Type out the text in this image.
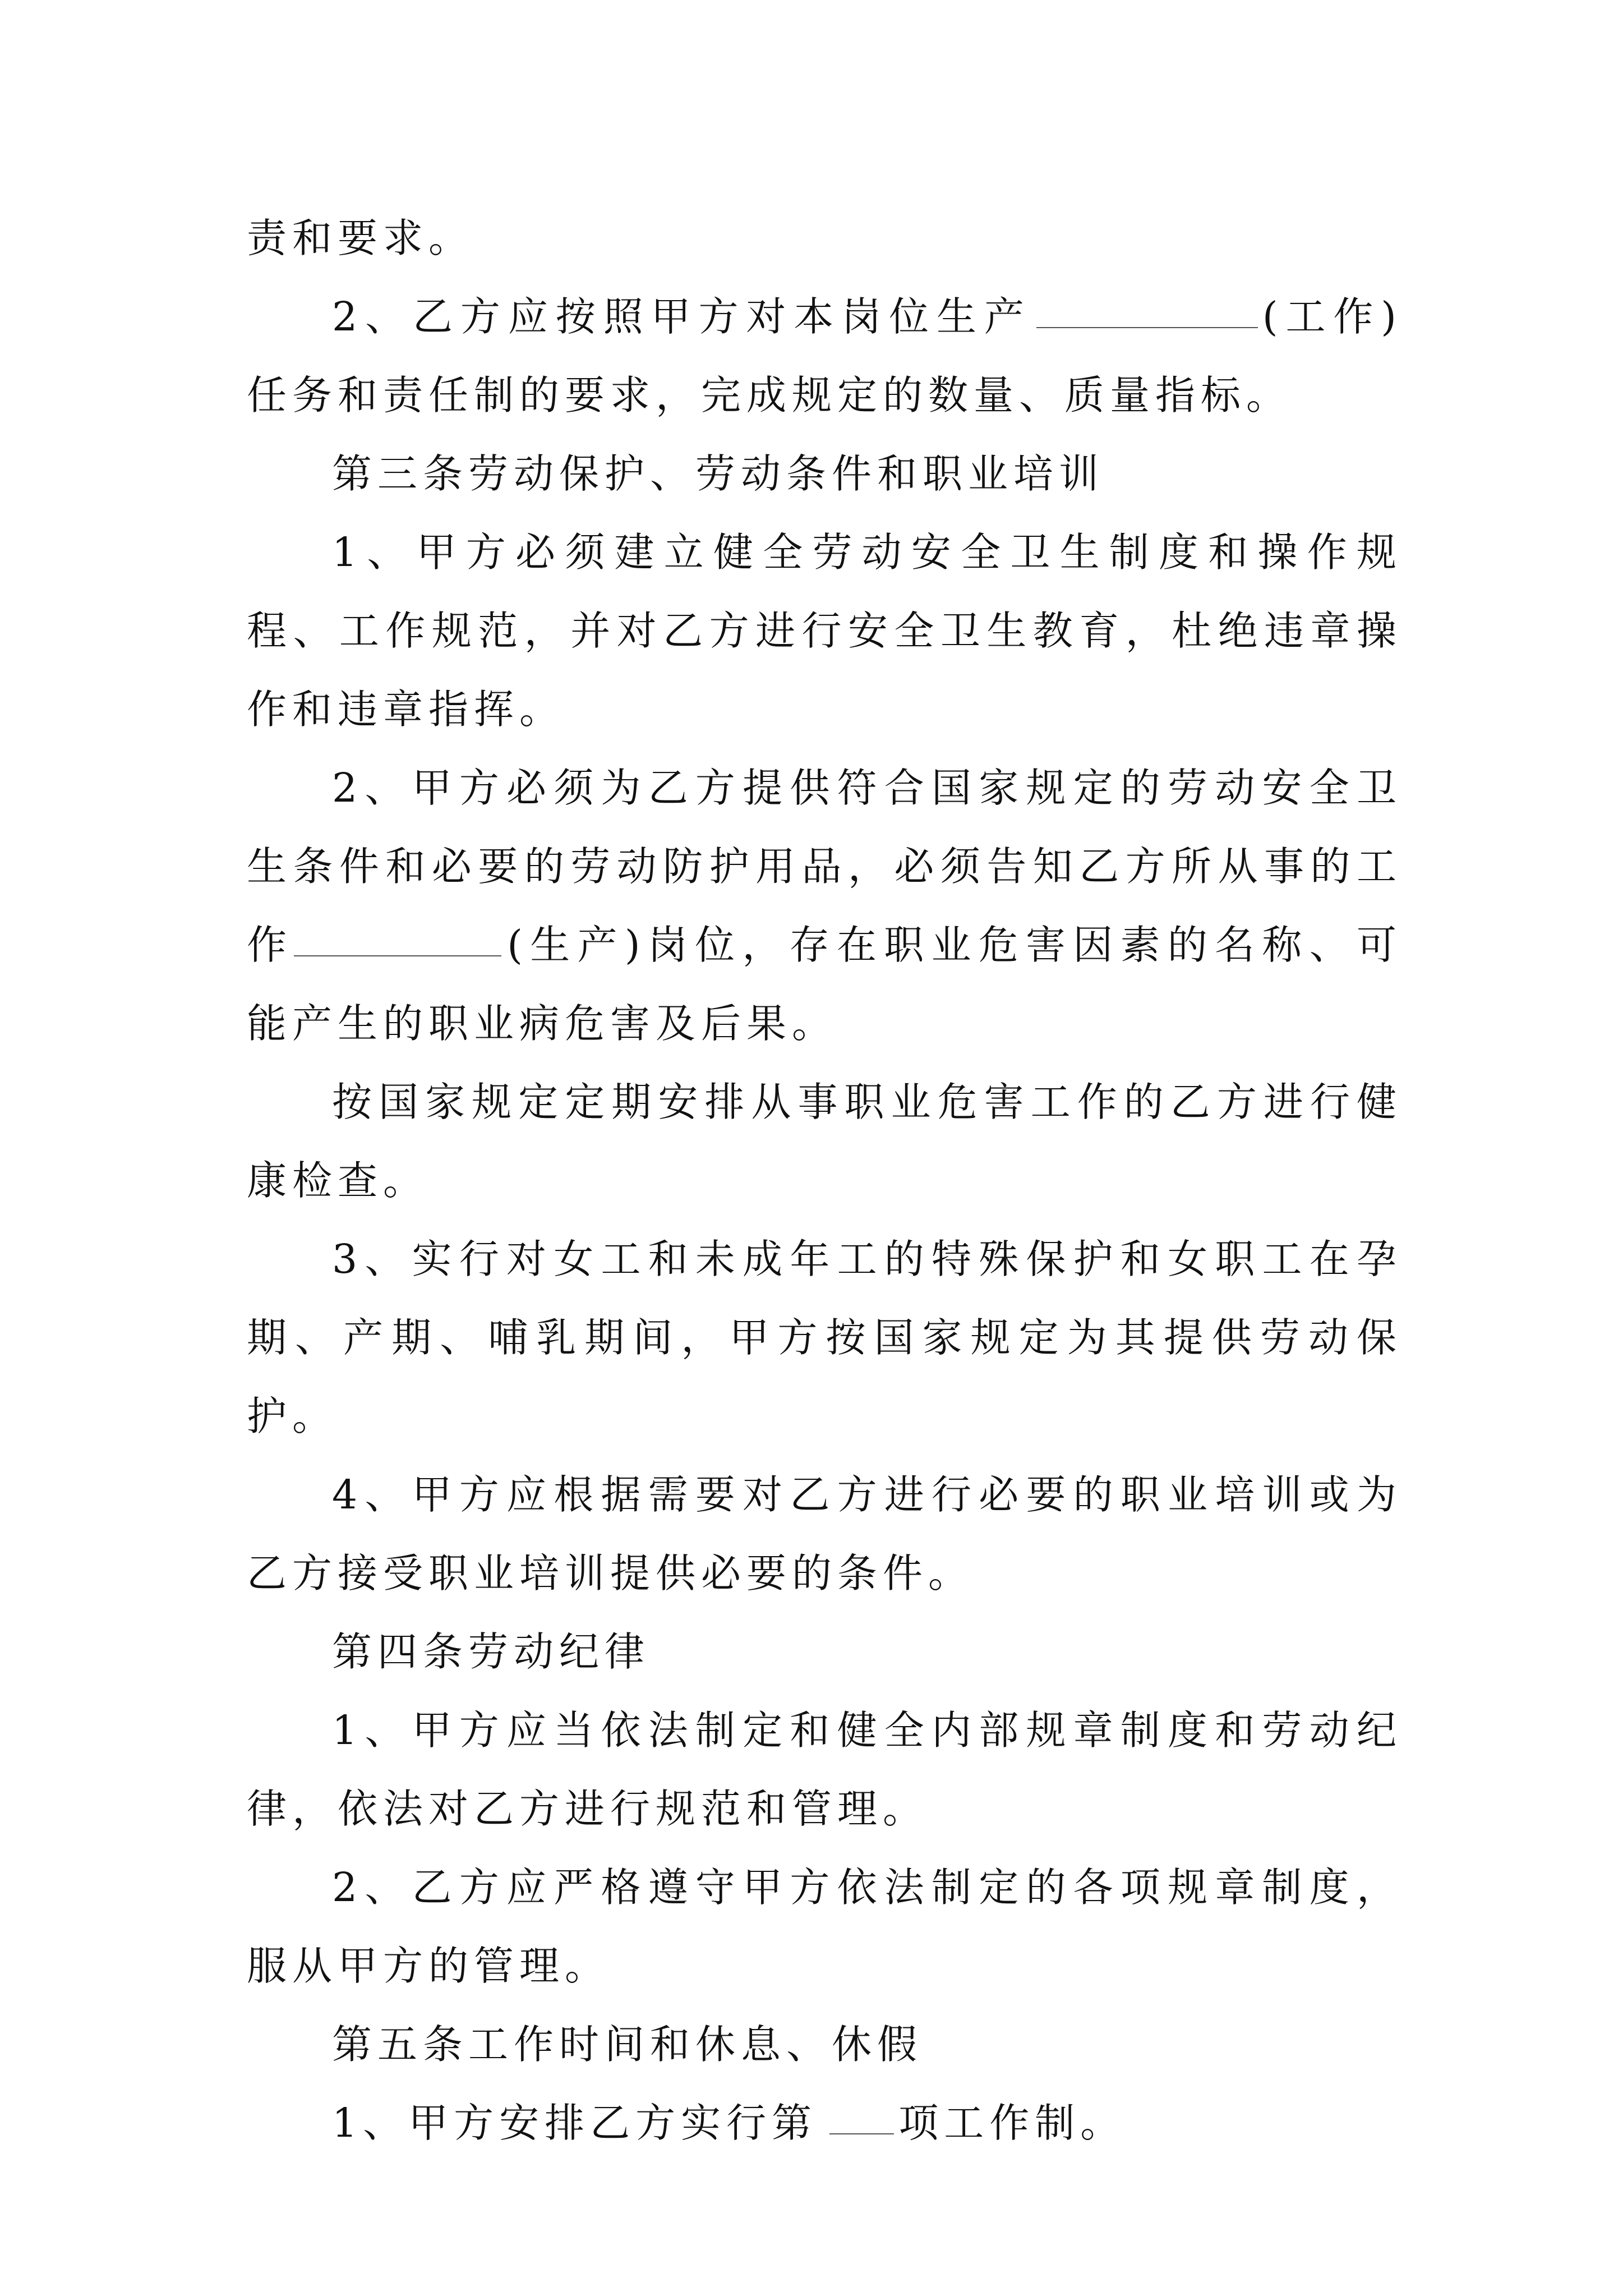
责和要求。

2、乙方应按照甲方对本岗位生产	(工作)任务和责任制的要求，完成规定的数量、质量指标。

第三条劳动保护、劳动条件和职业培训

1、甲方必须建立健全劳动安全卫生制度和操作规程、工作规范，并对乙方进行安全卫生教育，杜绝违章操作和违章指挥。

2、甲方必须为乙方提供符合国家规定的劳动安全卫生条件和必要的劳动防护用品，必须告知乙方所从事的工作	(生产)岗位，存在职业危害因素的名称、可能产生的职业病危害及后果。

按国家规定定期安排从事职业危害工作的乙方进行健康检查。

3、实行对女工和未成年工的特殊保护和女职工在孕期、产期、哺乳期间，甲方按国家规定为其提供劳动保护。

4、甲方应根据需要对乙方进行必要的职业培训或为乙方接受职业培训提供必要的条件。

第四条劳动纪律

1、甲方应当依法制定和健全内部规章制度和劳动纪律，依法对乙方进行规范和管理。

2、乙方应严格遵守甲方依法制定的各项规章制度，服从甲方的管理。

第五条工作时间和休息、休假

1、甲方安排乙方实行第 项工作制。
